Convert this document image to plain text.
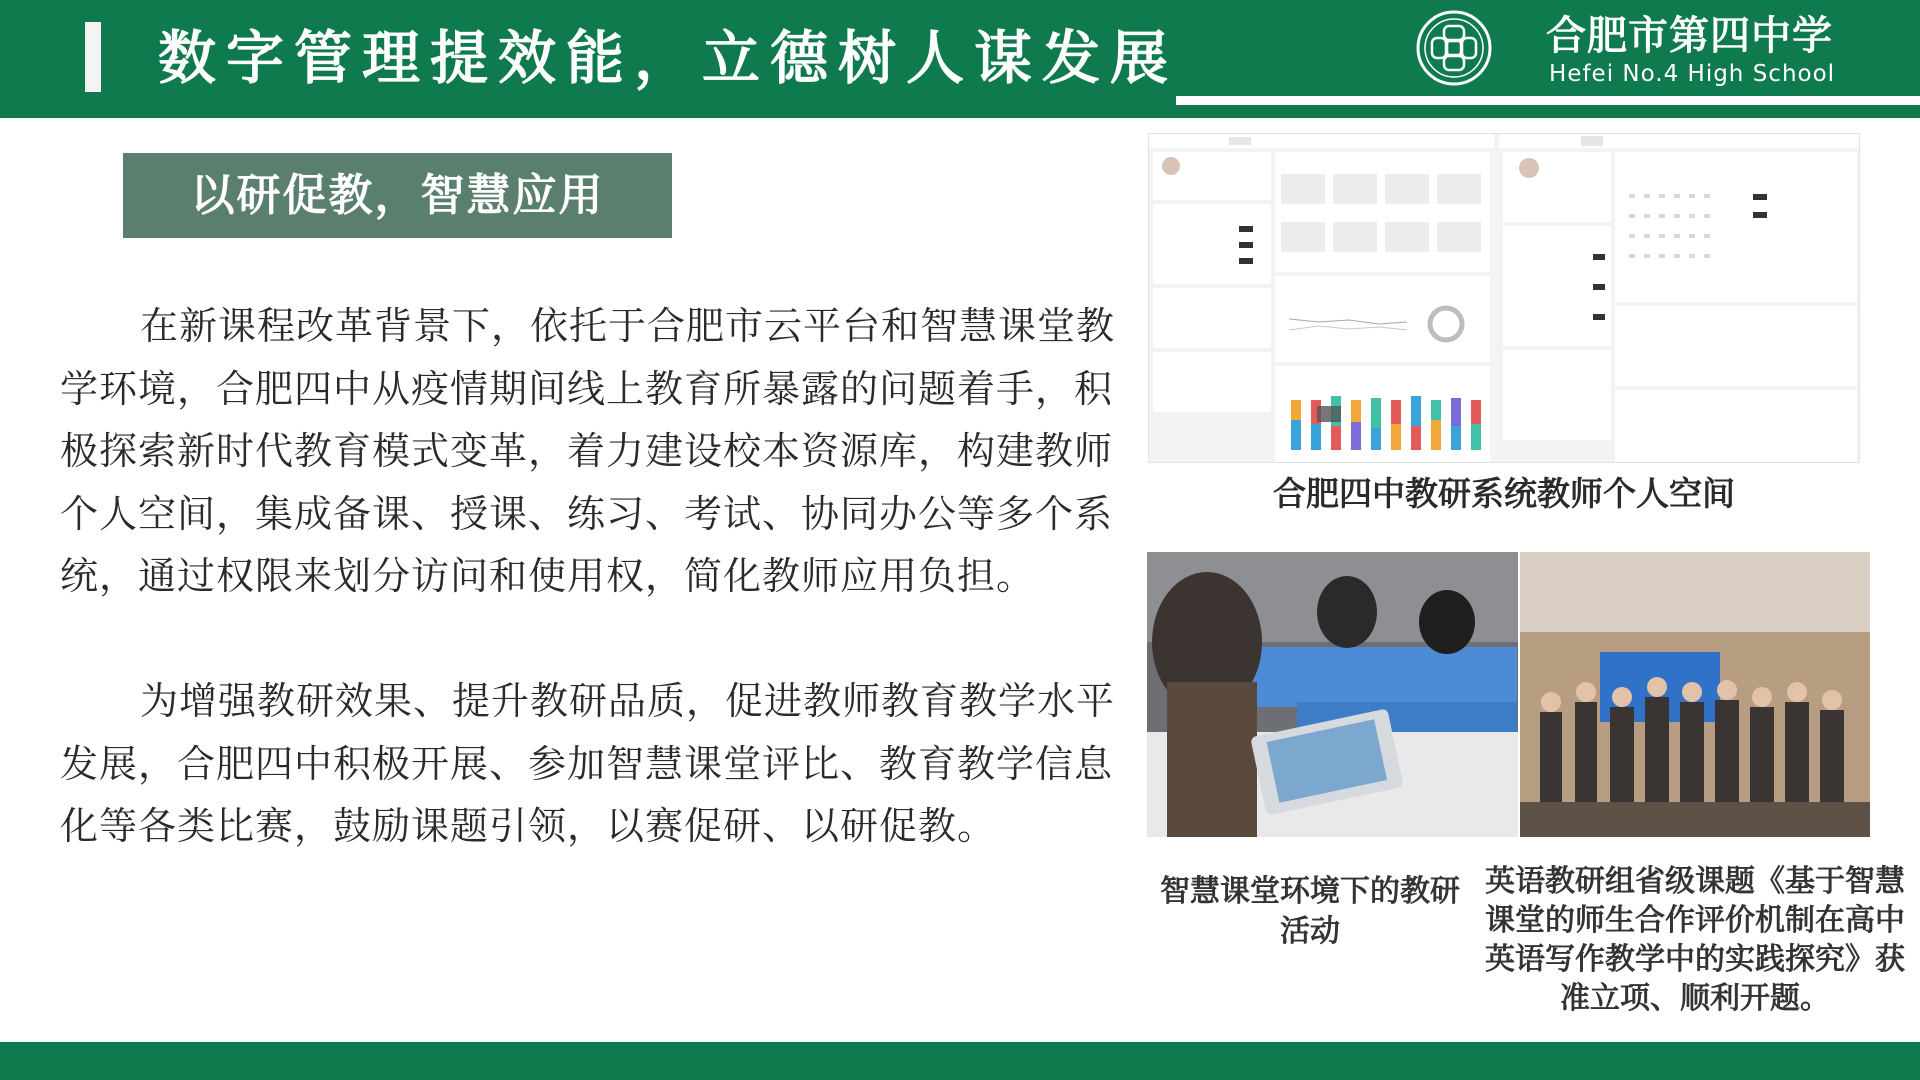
数字管理提效能，立德树人谋发展	合肥市第四中学
Hefei No.4 High School
以研促教，智慧应用

在新课程改革背景下，依托于合肥市云平台和智慧课堂教学环境，合肥四中从疫情期间线上教育所暴露的问题着手，积极探索新时代教育模式变革，着力建设校本资源库，构建教师个人空间，集成备课、授课、练习、考试、协同办公等多个系统，通过权限来划分访问和使用权，简化教师应用负担。

为增强教研效果、提升教研品质，促进教师教育教学水平发展，合肥四中积极开展、参加智慧课堂评比、教育教学信息化等各类比赛，鼓励课题引领，以赛促研、以研促教。

合肥四中教研系统教师个人空间
智慧课堂环境下的教研活动
英语教研组省级课题《基于智慧课堂的师生合作评价机制在高中英语写作教学中的实践探究》获准立项、顺利开题。
